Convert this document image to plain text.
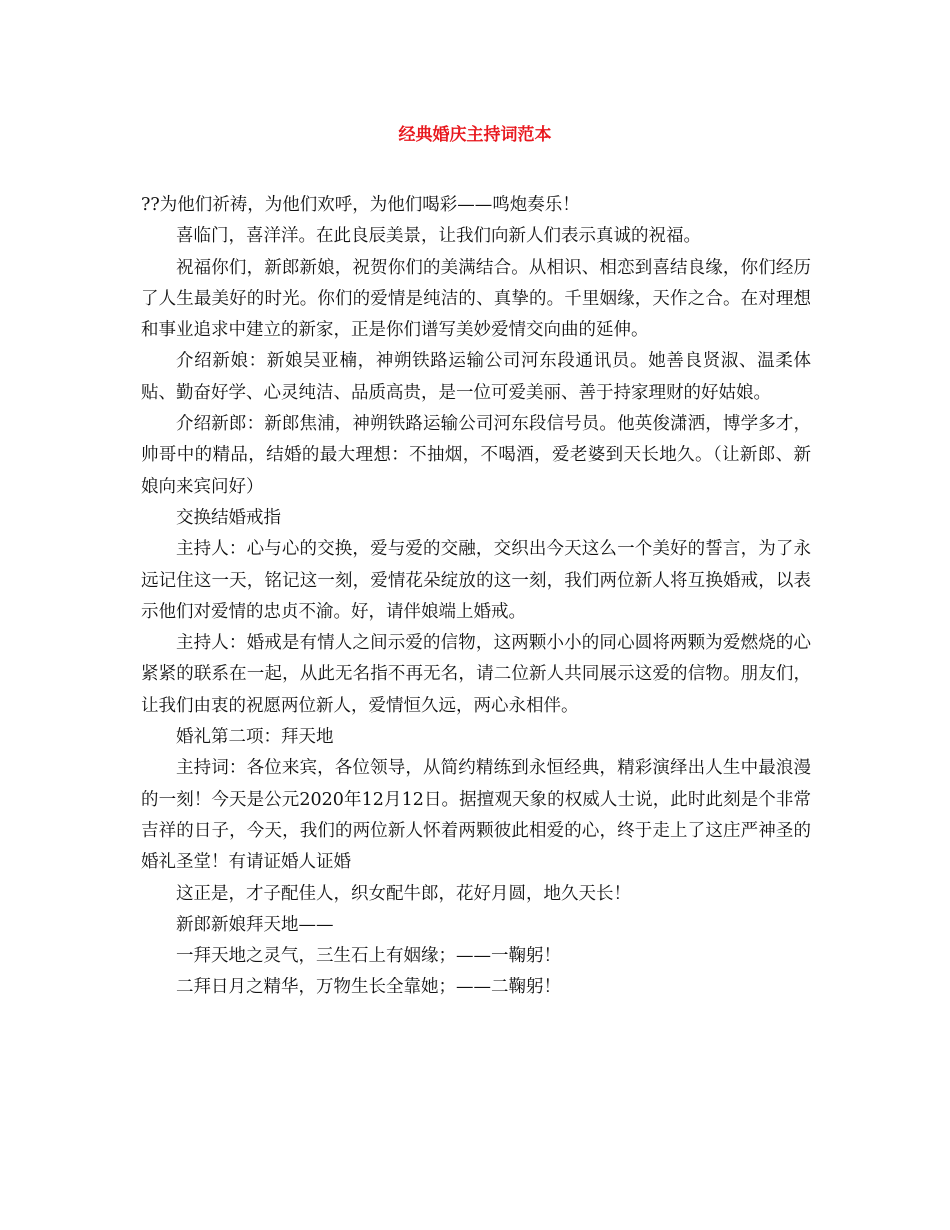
经典婚庆主持词范本

??为他们祈祷，为他们欢呼，为他们喝彩——鸣炮奏乐！

喜临门，喜洋洋。在此良辰美景，让我们向新人们表示真诚的祝福。

祝福你们，新郎新娘，祝贺你们的美满结合。从相识、相恋到喜结良缘，你们经历了人生最美好的时光。你们的爱情是纯洁的、真挚的。千里姻缘，天作之合。在对理想和事业追求中建立的新家，正是你们谱写美妙爱情交向曲的延伸。

介绍新娘：新娘吴亚楠，神朔铁路运输公司河东段通讯员。她善良贤淑、温柔体贴、勤奋好学、心灵纯洁、品质高贵，是一位可爱美丽、善于持家理财的好姑娘。

介绍新郎：新郎焦浦，神朔铁路运输公司河东段信号员。他英俊潇洒，博学多才，帅哥中的精品，结婚的最大理想：不抽烟，不喝酒，爱老婆到天长地久。（让新郎、新娘向来宾问好）

交换结婚戒指

主持人：心与心的交换，爱与爱的交融，交织出今天这么一个美好的誓言，为了永远记住这一天，铭记这一刻，爱情花朵绽放的这一刻，我们两位新人将互换婚戒，以表示他们对爱情的忠贞不渝。好，请伴娘端上婚戒。

主持人：婚戒是有情人之间示爱的信物，这两颗小小的同心圆将两颗为爱燃烧的心紧紧的联系在一起，从此无名指不再无名，请二位新人共同展示这爱的信物。朋友们，让我们由衷的祝愿两位新人，爱情恒久远，两心永相伴。

婚礼第二项：拜天地

主持词：各位来宾，各位领导，从简约精练到永恒经典，精彩演绎出人生中最浪漫的一刻！今天是公元2020年12月12日。据擅观天象的权威人士说，此时此刻是个非常吉祥的日子，今天，我们的两位新人怀着两颗彼此相爱的心，终于走上了这庄严神圣的婚礼圣堂！有请证婚人证婚

这正是，才子配佳人，织女配牛郎，花好月圆，地久天长！

新郎新娘拜天地——

一拜天地之灵气，三生石上有姻缘；——一鞠躬！

二拜日月之精华，万物生长全靠她；——二鞠躬！
